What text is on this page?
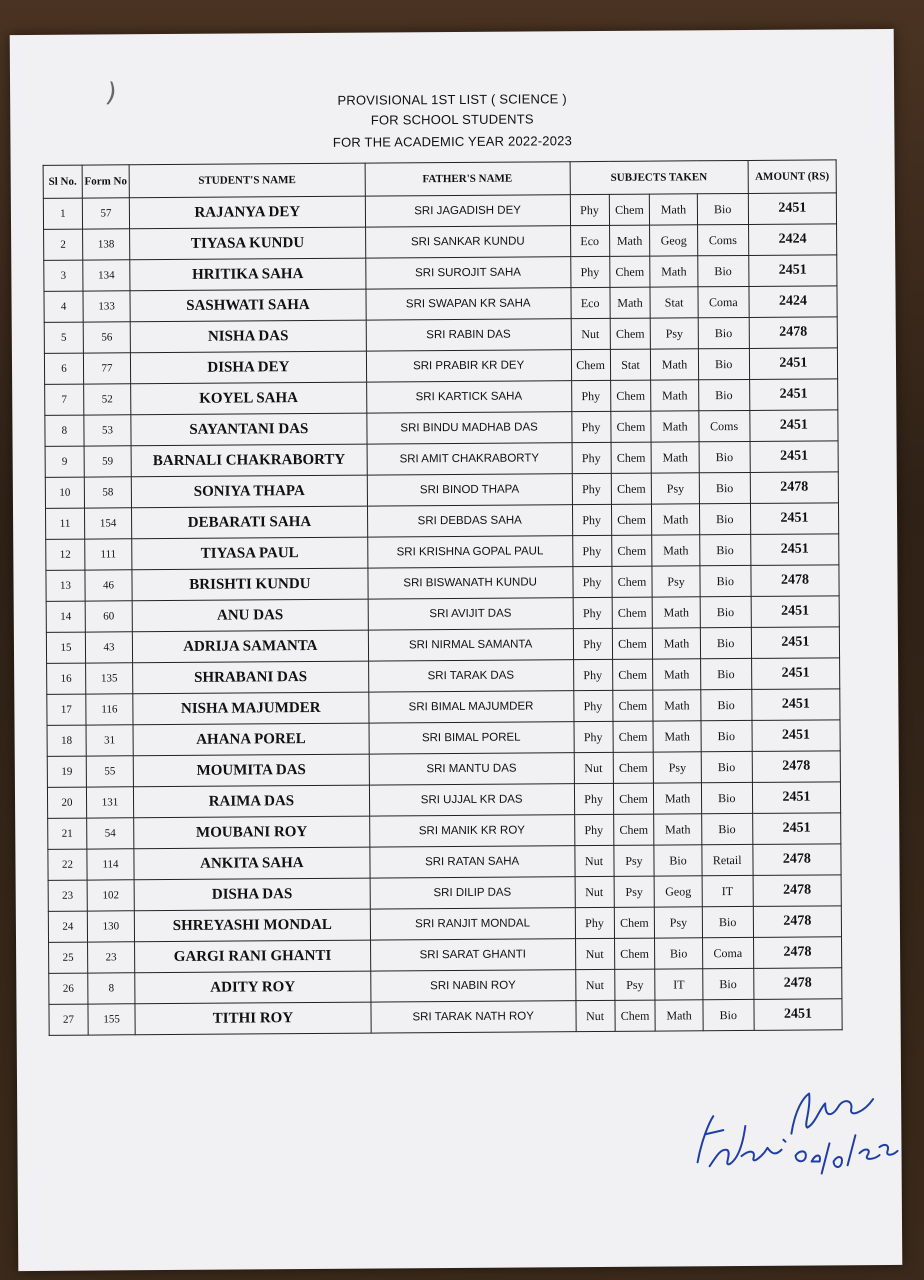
)	PROVISIONAL 1ST LIST ( SCIENCE )
FOR SCHOOL STUDENTS
FOR THE ACADEMIC YEAR 2022-2023
Sl No.	Form No	STUDENT'S NAME	FATHER'S NAME	SUBJECTS TAKEN				AMOUNT (RS)
1	57	RAJANYA DEY	SRI JAGADISH DEY	Phy	Chem	Math	Bio	2451
2	138	TIYASA KUNDU	SRI SANKAR KUNDU	Eco	Math	Geog	Coms	2424
3	134	HRITIKA SAHA	SRI SUROJIT SAHA	Phy	Chem	Math	Bio	2451
4	133	SASHWATI SAHA	SRI SWAPAN KR SAHA	Eco	Math	Stat	Coma	2424
5	56	NISHA DAS	SRI RABIN DAS	Nut	Chem	Psy	Bio	2478
6	77	DISHA DEY	SRI PRABIR KR DEY	Chem	Stat	Math	Bio	2451
7	52	KOYEL SAHA	SRI KARTICK SAHA	Phy	Chem	Math	Bio	2451
8	53	SAYANTANI DAS	SRI BINDU MADHAB DAS	Phy	Chem	Math	Coms	2451
9	59	BARNALI CHAKRABORTY	SRI AMIT CHAKRABORTY	Phy	Chem	Math	Bio	2451
10	58	SONIYA THAPA	SRI BINOD THAPA	Phy	Chem	Psy	Bio	2478
11	154	DEBARATI SAHA	SRI DEBDAS SAHA	Phy	Chem	Math	Bio	2451
12	111	TIYASA PAUL	SRI KRISHNA GOPAL PAUL	Phy	Chem	Math	Bio	2451
13	46	BRISHTI KUNDU	SRI BISWANATH KUNDU	Phy	Chem	Psy	Bio	2478
14	60	ANU DAS	SRI AVIJIT DAS	Phy	Chem	Math	Bio	2451
15	43	ADRIJA SAMANTA	SRI NIRMAL SAMANTA	Phy	Chem	Math	Bio	2451
16	135	SHRABANI DAS	SRI TARAK DAS	Phy	Chem	Math	Bio	2451
17	116	NISHA MAJUMDER	SRI BIMAL MAJUMDER	Phy	Chem	Math	Bio	2451
18	31	AHANA POREL	SRI BIMAL POREL	Phy	Chem	Math	Bio	2451
19	55	MOUMITA DAS	SRI MANTU DAS	Nut	Chem	Psy	Bio	2478
20	131	RAIMA DAS	SRI UJJAL KR DAS	Phy	Chem	Math	Bio	2451
21	54	MOUBANI ROY	SRI MANIK KR ROY	Phy	Chem	Math	Bio	2451
22	114	ANKITA SAHA	SRI RATAN SAHA	Nut	Psy	Bio	Retail	2478
23	102	DISHA DAS	SRI DILIP DAS	Nut	Psy	Geog	IT	2478
24	130	SHREYASHI MONDAL	SRI RANJIT MONDAL	Phy	Chem	Psy	Bio	2478
25	23	GARGI RANI GHANTI	SRI SARAT GHANTI	Nut	Chem	Bio	Coma	2478
26	8	ADITY ROY	SRI NABIN ROY	Nut	Psy	IT	Bio	2478
27	155	TITHI ROY	SRI TARAK NATH ROY	Nut	Chem	Math	Bio	2451
